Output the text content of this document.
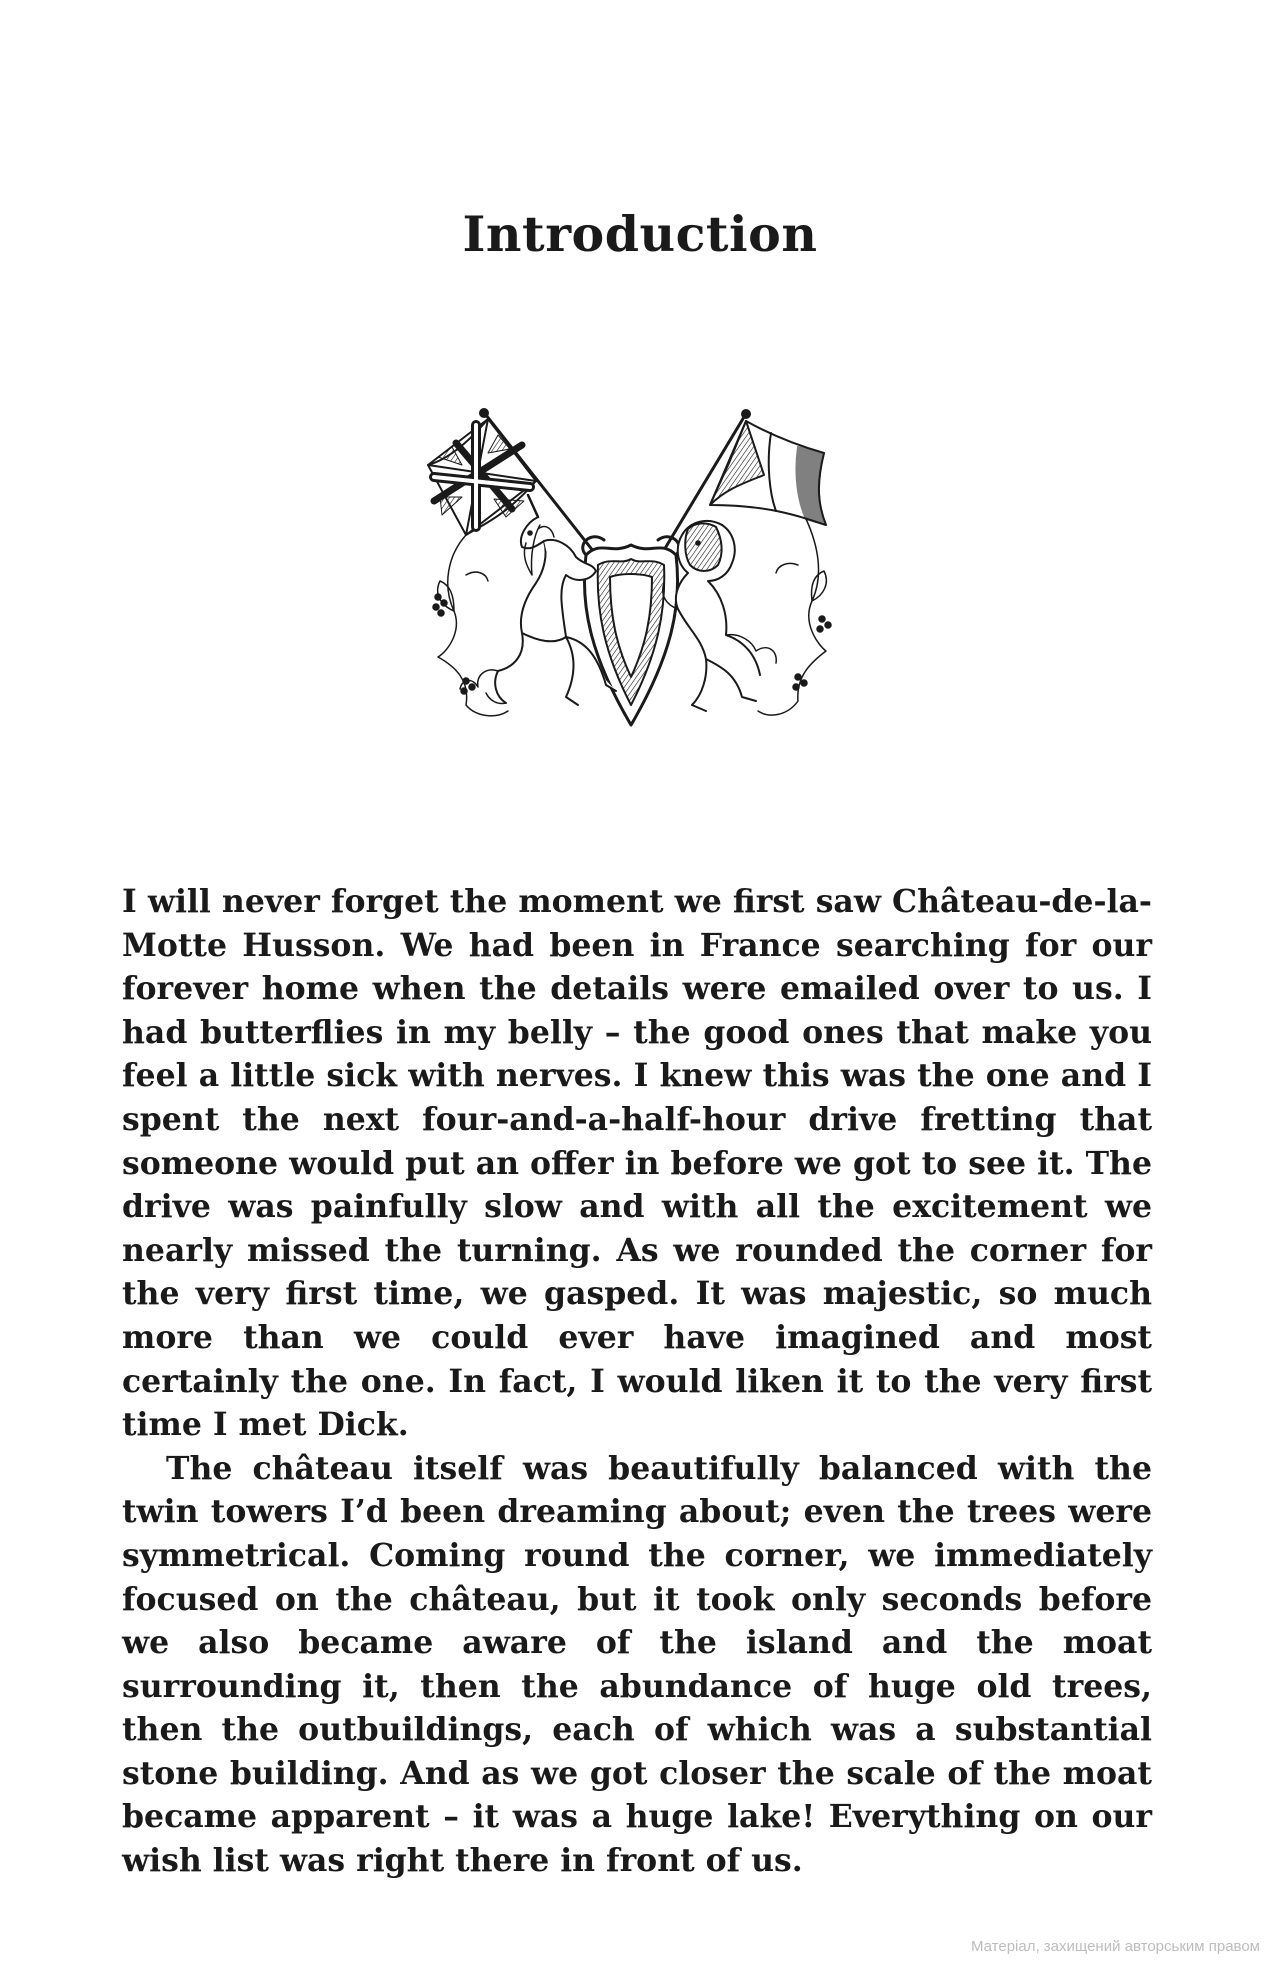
Introduction

I will never forget the moment we first saw Château-de-la-Motte Husson. We had been in France searching for our forever home when the details were emailed over to us. I had butterflies in my belly – the good ones that make you feel a little sick with nerves. I knew this was the one and I spent the next four-and-a-half-hour drive fretting that someone would put an offer in before we got to see it. The drive was painfully slow and with all the excitement we nearly missed the turning. As we rounded the corner for the very first time, we gasped. It was majestic, so much more than we could ever have imagined and most certainly the one. In fact, I would liken it to the very first time I met Dick.

The château itself was beautifully balanced with the twin towers I’d been dreaming about; even the trees were symmetrical. Coming round the corner, we immediately focused on the château, but it took only seconds before we also became aware of the island and the moat surrounding it, then the abundance of huge old trees, then the outbuildings, each of which was a substantial stone building. And as we got closer the scale of the moat became apparent – it was a huge lake! Everything on our wish list was right there in front of us.

Матеріал, захищений авторським правом
